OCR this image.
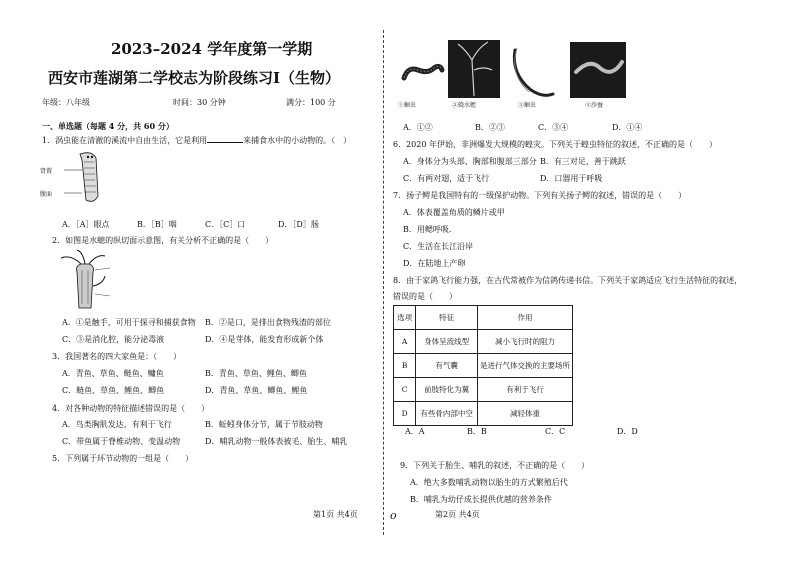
2023–2024 学年度第一学期
西安市莲湖第二学校志为阶段练习Ⅰ（生物）
年级：八年级	时间：30 分钟	满分：100 分
一、单选题（每题 4 分，共 60 分）
1．涡虫能在清澈的溪流中自由生活，它是利用	来捕食水中的小动物的。（　）
肾置
腹面
A．［A］眼点	B．［B］咽	C．［C］口	D．［D］肠
2．如图是水螅的纵切面示意图，有关分析不正确的是（　　）
A．①是触手，可用于探寻和捕获食物 B．②是口，是排出食物残渣的部位
C．③是消化腔，能分泌毒液	D．④是芽体，能发育形成新个体
3．我国著名的四大家鱼是：（　　）
A．青鱼、草鱼、鲢鱼、鳙鱼	B．青鱼、草鱼、鲤鱼、鲫鱼
C．鲢鱼、草鱼、鲤鱼、鲫鱼	D．青鱼、草鱼、鲫鱼、鲤鱼
4．对各种动物的特征描述错误的是（　　）
A．鸟类胸肌发达，有利于飞行	B．蚯蚓身体分节，属于节肢动物
C．带鱼属于脊椎动物、变温动物	D．哺乳动物一般体表被毛、胎生、哺乳
5．下列属于环节动物的一组是（　　）
第1页 共4页
①蛔虫	②蛲水蛭	③蛔虫	④沙蚕
A．①②	B．②③	C．③④	D．①④
6．2020 年伊始，非洲爆发大规模的蝗灾。下列关于蝗虫特征的叙述，不正确的是（　　）
A．身体分为头部、胸部和腹部三部分 B．有三对足，善于跳跃
C．有两对翅，适于飞行	D．口器用于呼吸
7．扬子鳄是我国特有的一级保护动物。下列有关扬子鳄的叙述，错误的是（　　）
A．体表覆盖角质的鳞片或甲
B．用鳃呼吸．
C．生活在长江沿岸
D．在陆地上产卵
8．由于家鸽飞行能力强，在古代常被作为信鸽传递书信。下列关于家鸽适应飞行生活特征的叙述，
错误的是（　　）
选项	特征	作用
A	身体呈流线型	减小飞行时的阻力
B	有气囊	是进行气体交换的主要场所
C	前肢特化为翼	有利于飞行
D	有些骨内部中空	减轻体重
A．A	B．B	C．C	D．D
9．下列关于胎生、哺乳的叙述，不正确的是（　　）
A．绝大多数哺乳动物以胎生的方式繁殖后代
B．哺乳为幼仔成长提供优越的营养条件
o	第2页 共4页
